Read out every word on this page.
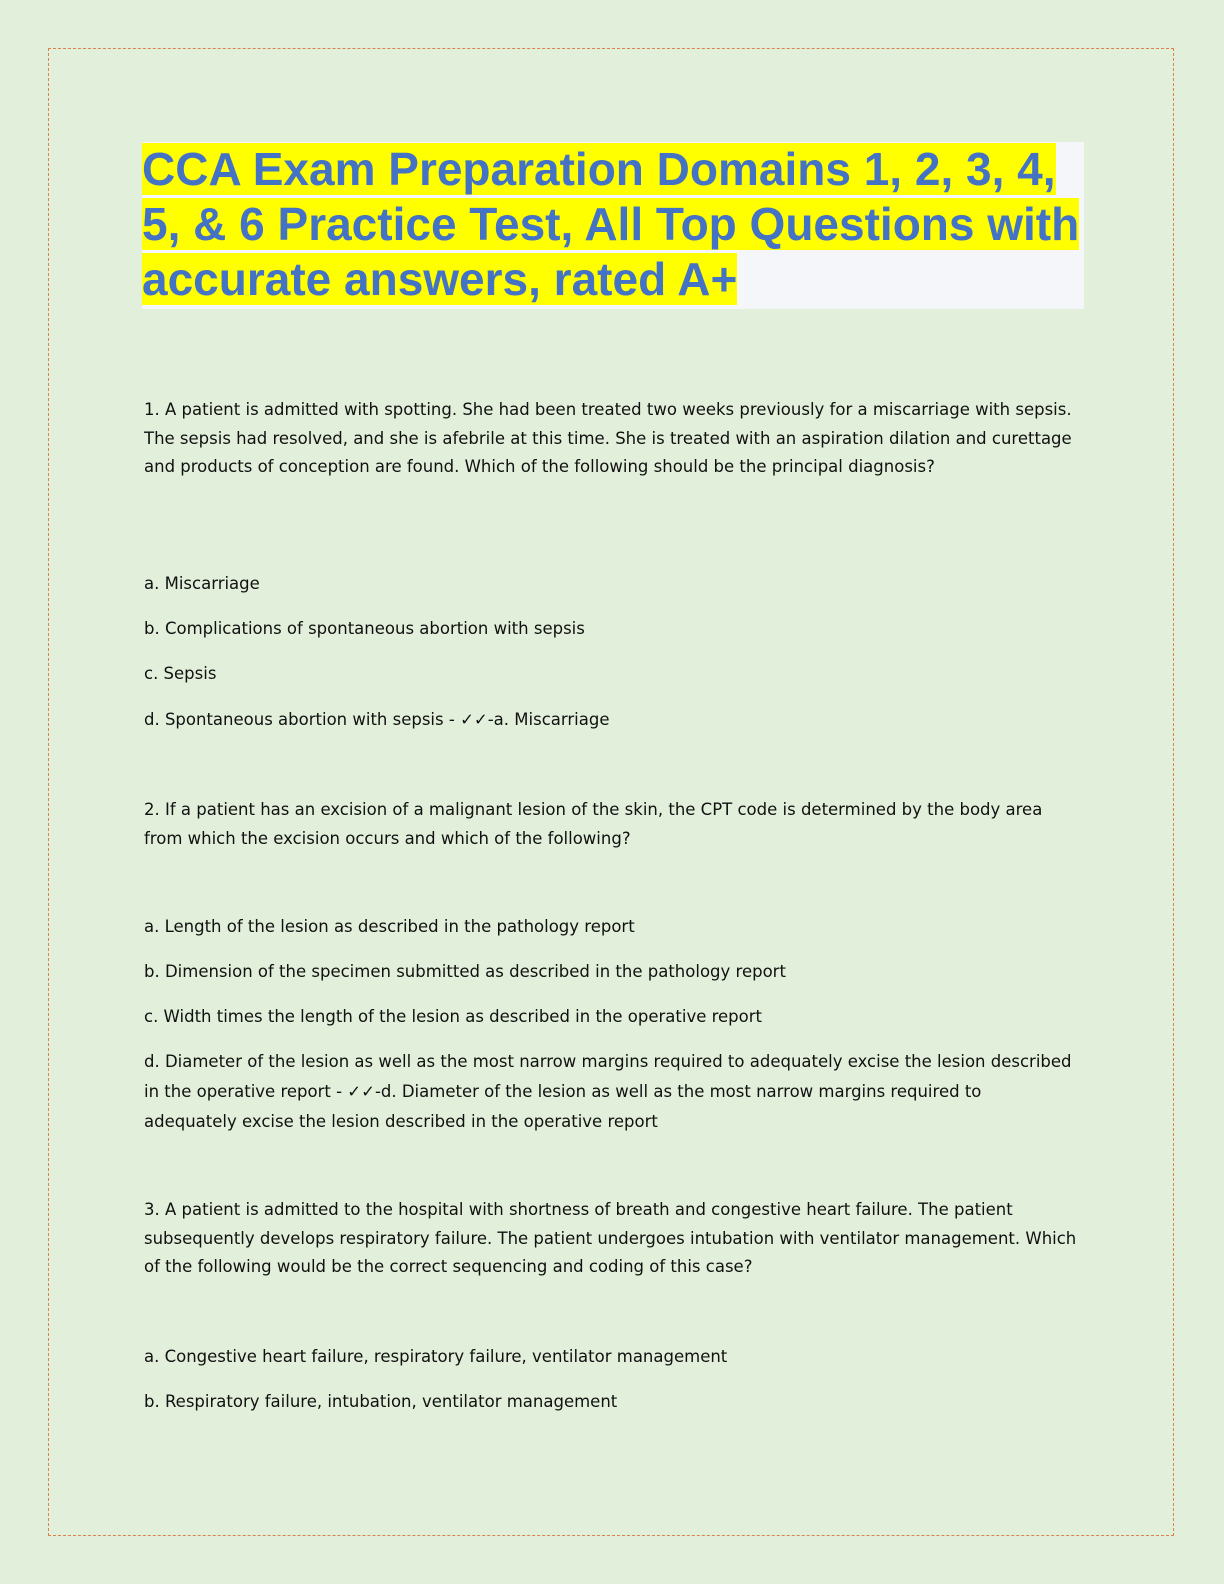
CCA Exam Preparation Domains 1, 2, 3, 4, 5, & 6 Practice Test, All Top Questions with accurate answers, rated A+

1. A patient is admitted with spotting. She had been treated two weeks previously for a miscarriage with sepsis. The sepsis had resolved, and she is afebrile at this time. She is treated with an aspiration dilation and curettage and products of conception are found. Which of the following should be the principal diagnosis?

a. Miscarriage

b. Complications of spontaneous abortion with sepsis

c. Sepsis

d. Spontaneous abortion with sepsis - ✓✓-a. Miscarriage

2. If a patient has an excision of a malignant lesion of the skin, the CPT code is determined by the body area from which the excision occurs and which of the following?

a. Length of the lesion as described in the pathology report

b. Dimension of the specimen submitted as described in the pathology report

c. Width times the length of the lesion as described in the operative report

d. Diameter of the lesion as well as the most narrow margins required to adequately excise the lesion described in the operative report - ✓✓-d. Diameter of the lesion as well as the most narrow margins required to adequately excise the lesion described in the operative report

3. A patient is admitted to the hospital with shortness of breath and congestive heart failure. The patient subsequently develops respiratory failure. The patient undergoes intubation with ventilator management. Which of the following would be the correct sequencing and coding of this case?

a. Congestive heart failure, respiratory failure, ventilator management

b. Respiratory failure, intubation, ventilator management
